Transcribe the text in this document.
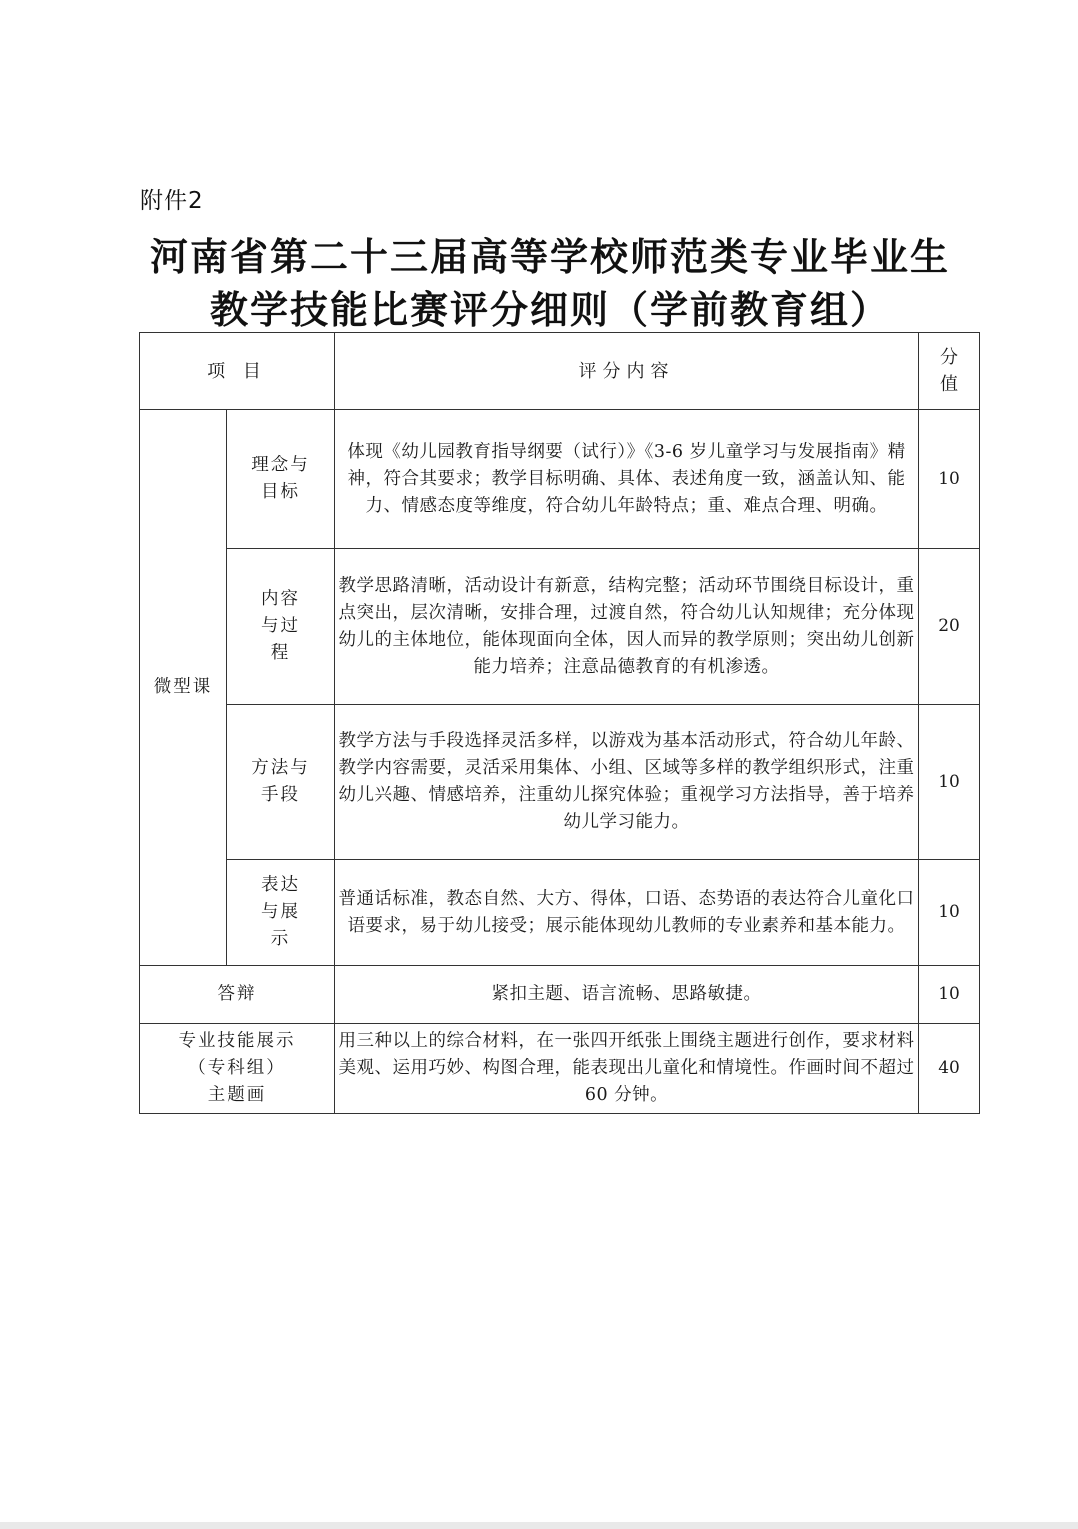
附件2
河南省第二十三届高等学校师范类专业毕业生
教学技能比赛评分细则（学前教育组）
项 目		评分内容	分
值

微型课	理念与
目标	体现《幼儿园教育指导纲要（试行）》《3-6 岁儿童学习与发展指南》精神，符合其要求；教学目标明确、具体、表述角度一致，涵盖认知、能力、情感态度等维度，符合幼儿年龄特点；重、难点合理、明确。	10

	内容
与过
程	教学思路清晰，活动设计有新意，结构完整；活动环节围绕目标设计，重点突出，层次清晰，安排合理，过渡自然，符合幼儿认知规律；充分体现幼儿的主体地位，能体现面向全体，因人而异的教学原则；突出幼儿创新能力培养；注意品德教育的有机渗透。	20

	方法与
手段	教学方法与手段选择灵活多样，以游戏为基本活动形式，符合幼儿年龄、教学内容需要，灵活采用集体、小组、区域等多样的教学组织形式，注重幼儿兴趣、情感培养，注重幼儿探究体验；重视学习方法指导，善于培养幼儿学习能力。	10

	表达
与展
示	普通话标准，教态自然、大方、得体，口语、态势语的表达符合儿童化口语要求，易于幼儿接受；展示能体现幼儿教师的专业素养和基本能力。	10
答辩		紧扣主题、语言流畅、思路敏捷。	10

专业技能展示
（专科组）
主题画		用三种以上的综合材料，在一张四开纸张上围绕主题进行创作，要求材料美观、运用巧妙、构图合理，能表现出儿童化和情境性。作画时间不超过 60 分钟。	40
